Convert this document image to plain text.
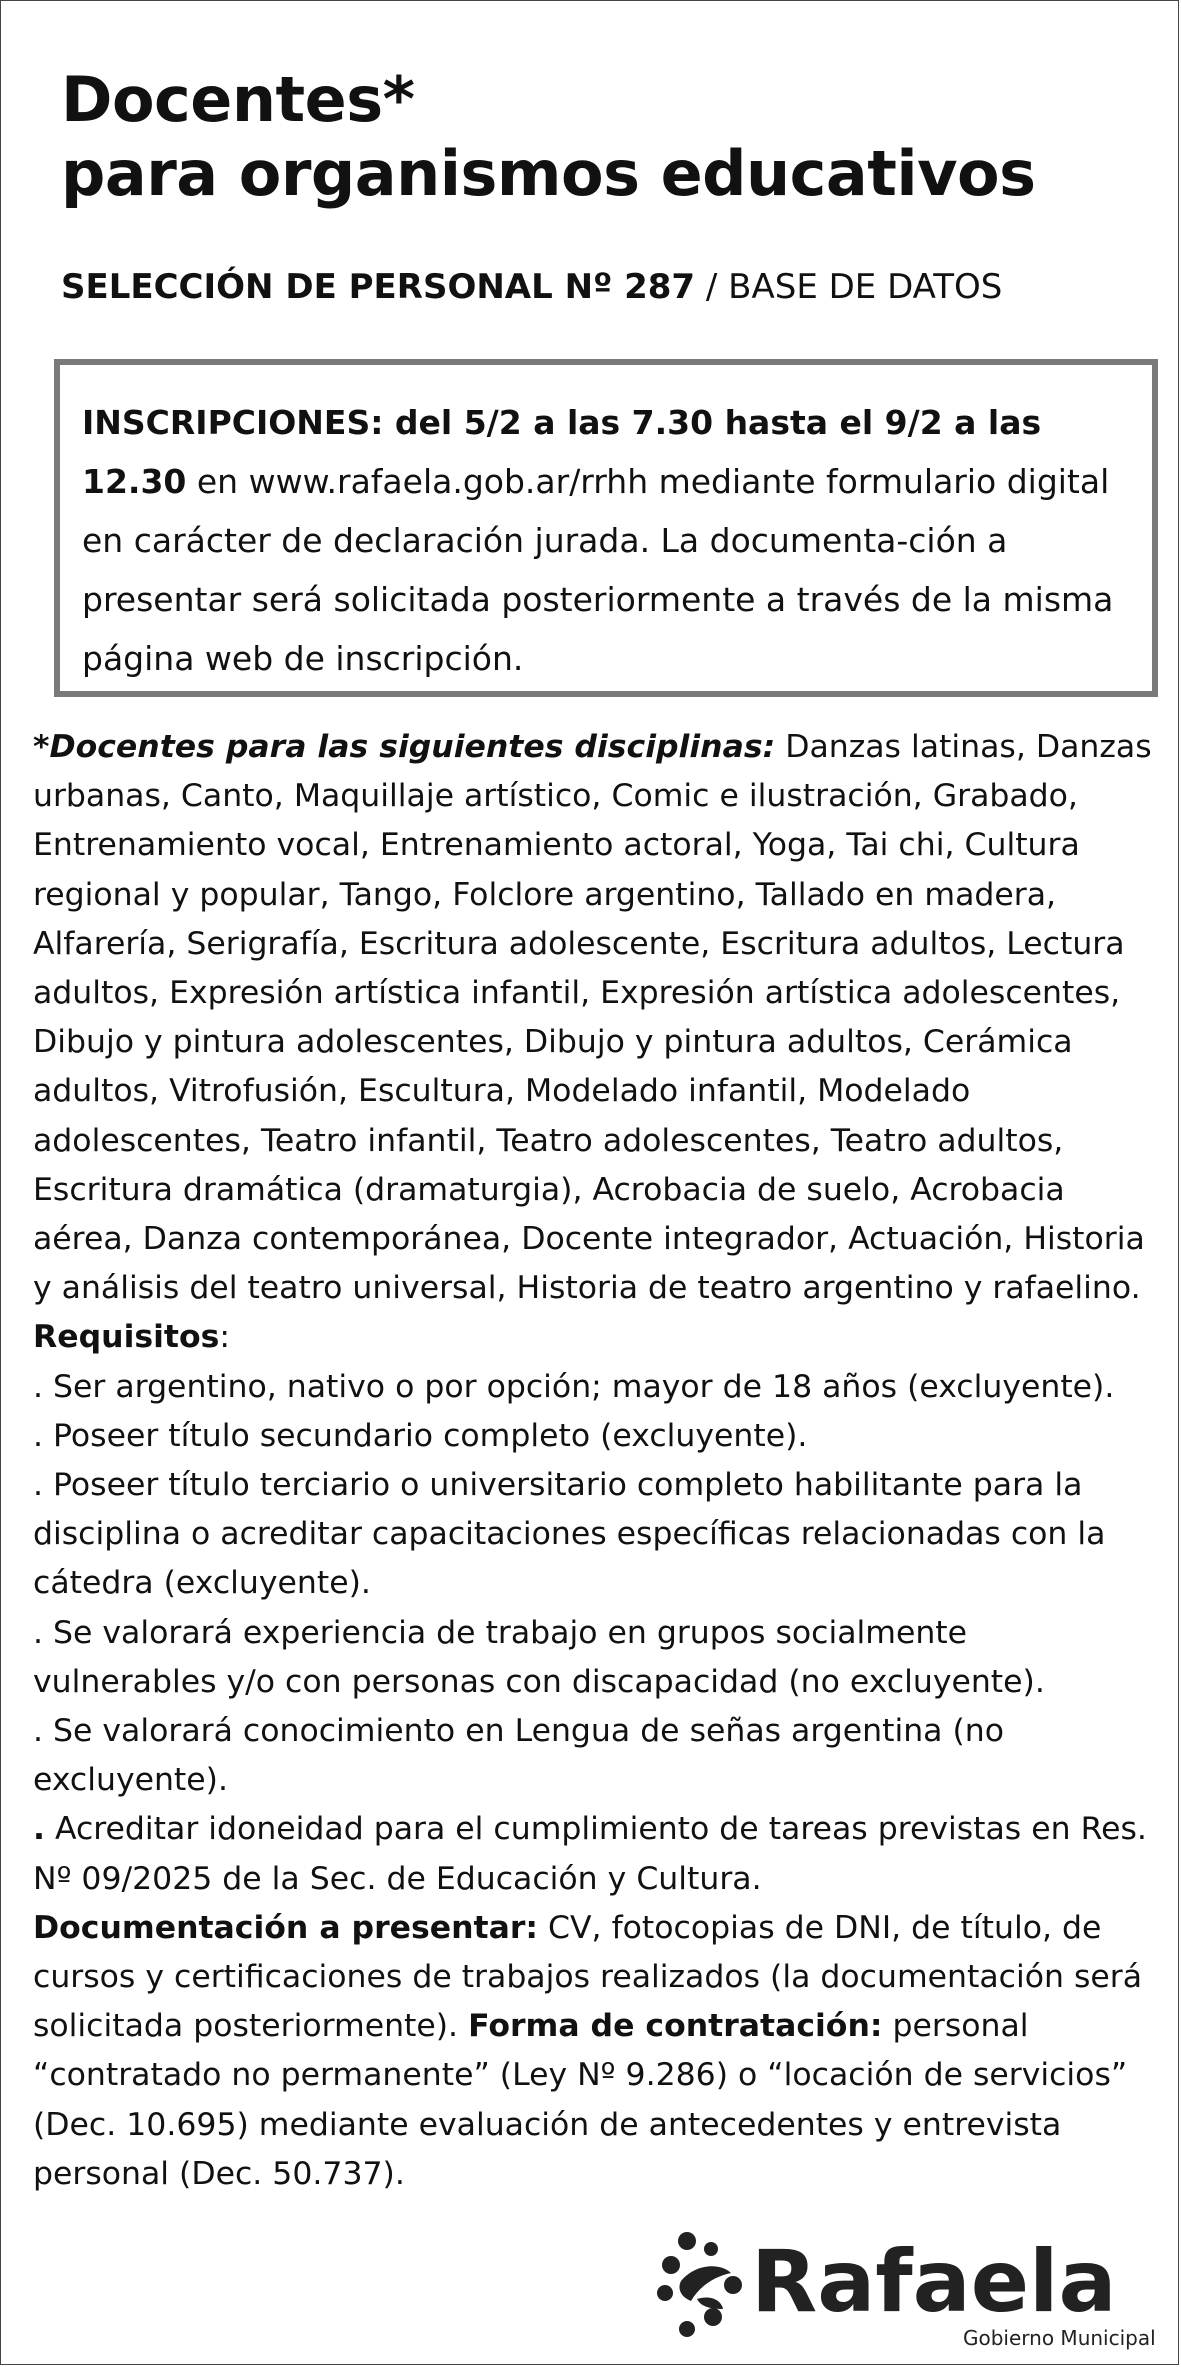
Docentes*
para organismos educativos
SELECCIÓN DE PERSONAL Nº 287 / BASE DE DATOS
INSCRIPCIONES: del 5/2 a las 7.30 hasta el 9/2 a las 12.30 en www.rafaela.gob.ar/rrhh mediante formulario digital en carácter de declaración jurada. La documenta-ción a presentar será solicitada posteriormente a través de la misma página web de inscripción.

*Docentes para las siguientes disciplinas: Danzas latinas, Danzas urbanas, Canto, Maquillaje artístico, Comic e ilustración, Grabado, Entrenamiento vocal, Entrenamiento actoral, Yoga, Tai chi, Cultura regional y popular, Tango, Folclore argentino, Tallado en madera, Alfarería, Serigrafía, Escritura adolescente, Escritura adultos, Lectura adultos, Expresión artística infantil, Expresión artística adolescentes, Dibujo y pintura adolescentes, Dibujo y pintura adultos, Cerámica adultos, Vitrofusión, Escultura, Modelado infantil, Modelado adolescentes, Teatro infantil, Teatro adolescentes, Teatro adultos, Escritura dramática (dramaturgia), Acrobacia de suelo, Acrobacia aérea, Danza contemporánea, Docente integrador, Actuación, Historia y análisis del teatro universal, Historia de teatro argentino y rafaelino.

Requisitos:

. Ser argentino, nativo o por opción; mayor de 18 años (excluyente).

. Poseer título secundario completo (excluyente).

. Poseer título terciario o universitario completo habilitante para la disciplina o acreditar capacitaciones específicas relacionadas con la cátedra (excluyente).

. Se valorará experiencia de trabajo en grupos socialmente vulnerables y/o con personas con discapacidad (no excluyente).

. Se valorará conocimiento en Lengua de señas argentina (no excluyente).

. Acreditar idoneidad para el cumplimiento de tareas previstas en Res. Nº 09/2025 de la Sec. de Educación y Cultura.

Documentación a presentar: CV, fotocopias de DNI, de título, de cursos y certificaciones de trabajos realizados (la documentación será solicitada posteriormente). Forma de contratación: personal “contratado no permanente” (Ley Nº 9.286) o “locación de servicios” (Dec. 10.695) mediante evaluación de antecedentes y entrevista personal (Dec. 50.737).

Rafaela
Gobierno Municipal
